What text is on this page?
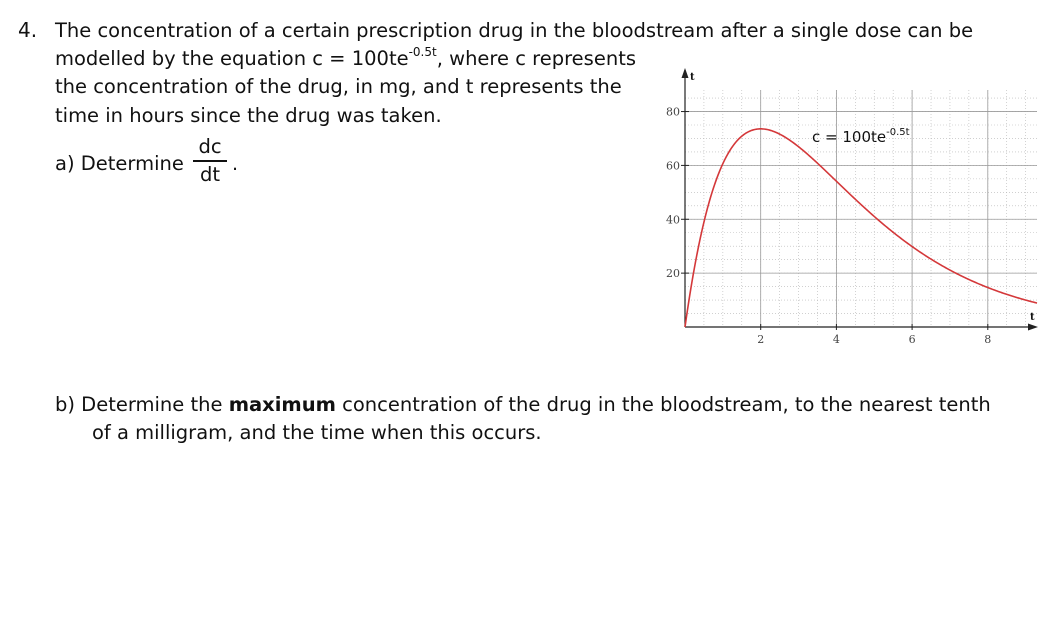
4. The concentration of a certain prescription drug in the bloodstream after a single dose can be
modelled by the equation $c = 100te^{-0.5t}$, where c represents
the concentration of the drug, in mg, and t represents the
time in hours since the drug was taken.
a) Determine
dc
dt .
2	4	6	8
20
40
60
80
$c = 100te^{-0.5t}$
t
t
b) Determine the maximum concentration of the drug in the bloodstream, to the nearest tenth
of a milligram, and the time when this occurs.
